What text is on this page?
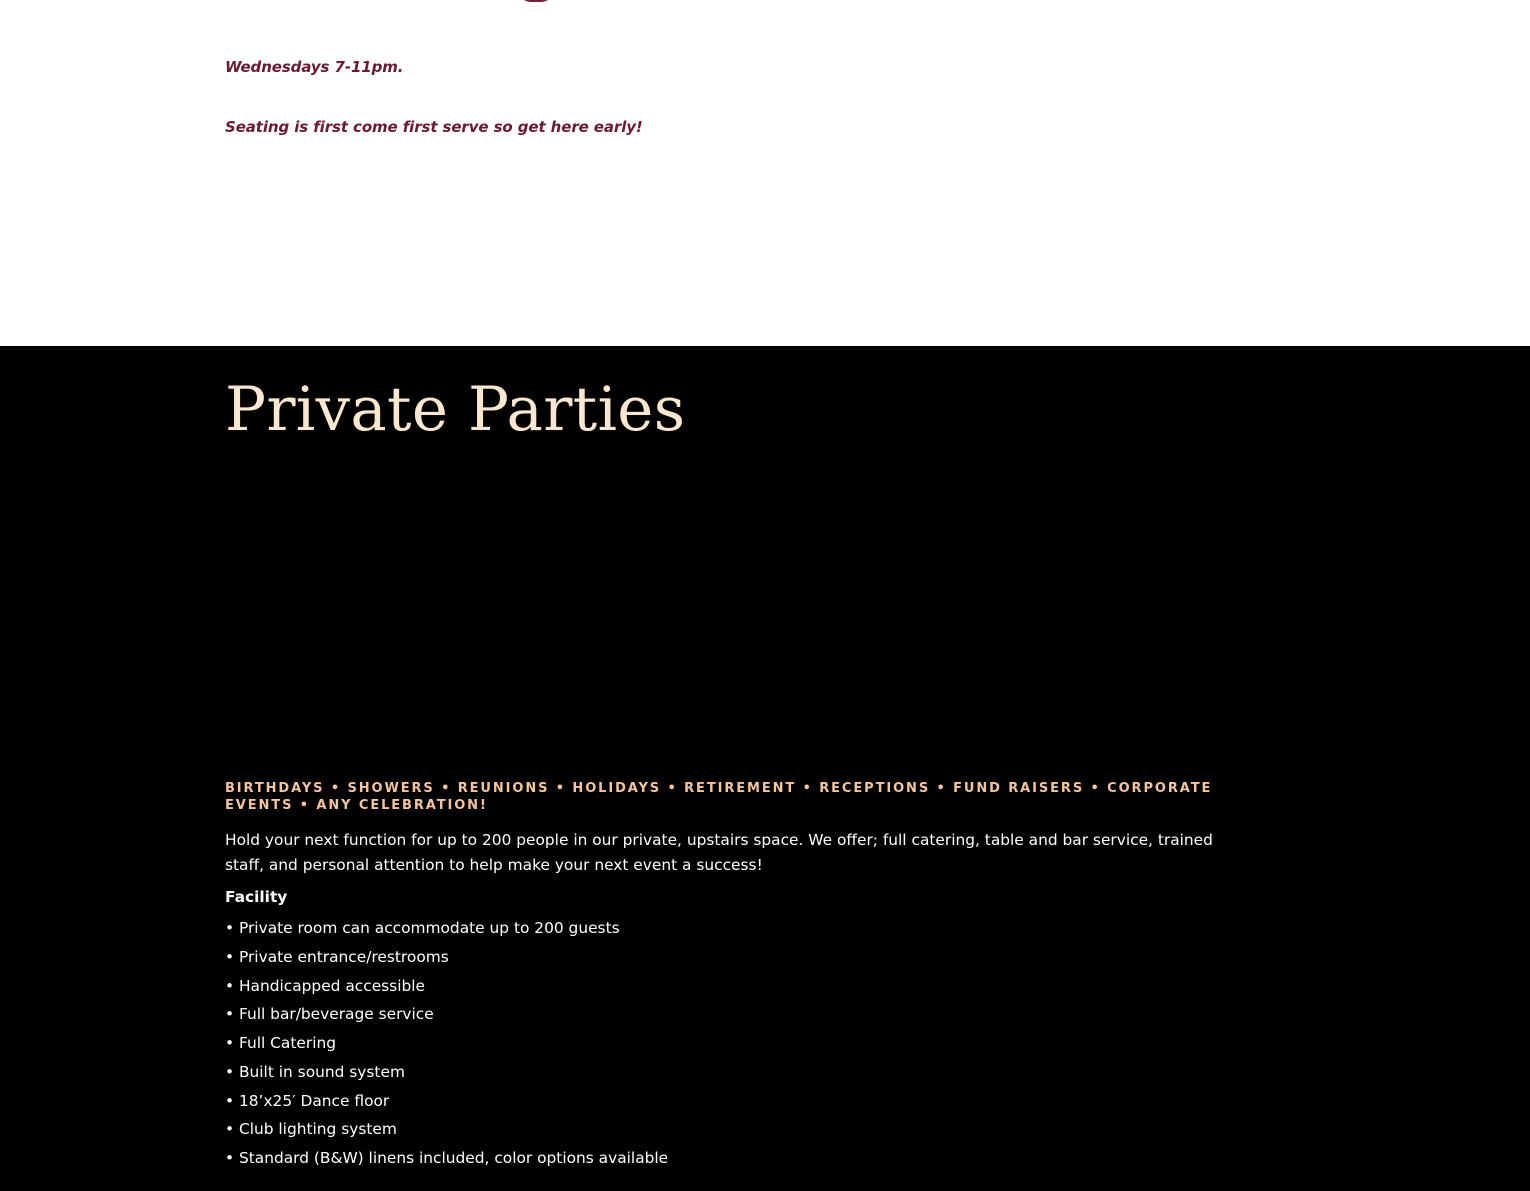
Wednesdays 7-11pm.

Seating is first come first serve so get here early!

Private Parties

BIRTHDAYS • SHOWERS • REUNIONS • HOLIDAYS • RETIREMENT • RECEPTIONS • FUND RAISERS • CORPORATE EVENTS • ANY CELEBRATION!

Hold your next function for up to 200 people in our private, upstairs space. We offer; full catering, table and bar service, trained staff, and personal attention to help make your next event a success!

Facility

• Private room can accommodate up to 200 guests
• Private entrance/restrooms
• Handicapped accessible
• Full bar/beverage service
• Full Catering
• Built in sound system
• 18’x25′ Dance floor
• Club lighting system
• Standard (B&W) linens included, color options available
